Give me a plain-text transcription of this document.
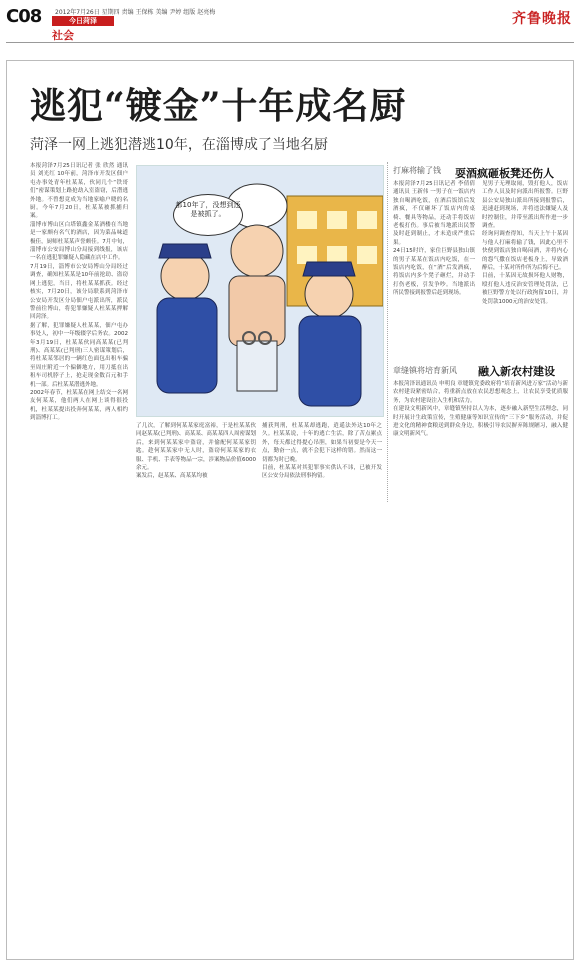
C08 2012年7月26日 星期四 责编 王保栋 美编 尹婷 组版 赵亮梅
今日菏泽
社会
齐鲁晚报
逃犯“镀金”十年成名厨
菏泽一网上逃犯潜逃10年，在淄博成了当地名厨
本报菏泽7月25日讯记者 张 欣然 通讯员 刘光红 10年前，菏泽市开发区佃户屯办事处青年杜某某，伙同几个“铁哥们”密谋策划上路抢劫入室盗窃，后潜逃外地。不曾想竟成为当地家喻户晓的名厨。今年7月20日，杜某某被抓捕归案。
淄博市博山区白塔镇鑫金某酒楼在当地是一家颇有名气的酒店，因为菜品味道极佳，厨师杜某某声誉颇佳。7月中旬，淄博市公安局博山分局接到线报，该店一名在逃犯罪嫌疑人隐藏在店中工作。
7月19日，淄博市公安局博山分局经过调查，确知杜某某是10年前抢劫、盗窃网上逃犯，当日，将杜某某抓获。经过核实，7月20日，该分局联系到菏泽市公安局开发区分局佃户屯派出所，派民警前往博山，将犯罪嫌疑人杜某某押解回菏泽。
据了解，犯罪嫌疑人杜某某，佃户屯办事处人，初中一年级辍学后务农。2002年3月19日，杜某某伙同高某某(已判刑)、高某某(已判刑)三人密谋策划后，将杜某某邻居的一辆红色面包出租车骗至周庄附近一个偏僻地方，用刀抵在出租车司机脖子上，抢走现金数百元和手机一部。后杜某某潜逃外地。
2002年春节，杜某某在网上结交一名网友何某某，他们两人在网上谈得很投机，杜某某提出投奔何某某，两人相约到淄博打工。
都10年了，没想到还是被抓了。
了几次，了解到何某某家庭富裕，于是杜某某伙同赵某某(已判刑)、高某某、高某某四人周密谋划后，来到何某某家中盗窃，并偷配何某某家钥匙。趁何某某家中无人时，盗窃何某某家的衣服、手机、手表等物品一宗，涉案物品价值6000余元。
案发后，赵某某、高某某均被
捕获判刑，杜某某却逃跑，逍遥法外达10年之久。杜某某说，十年的逃亡生活，除了苦点累点外，每天都过得提心吊胆，如果当初要是今天一点，勤奋一点，就不会犯下这样的错。然而这一切都为时已晚。
目前，杜某某对其犯罪事实供认不讳，已被开发区公安分局依法刑事拘留。
打麻将输了钱 耍酒疯砸板凳还伤人
本报菏泽7月25日讯记者 李倩倩 通讯员 王新伟 一男子在一饭店内独自喝酒吃饭，在酒后饭馆后发酒疯，不仅砸坏了饭店内的桌椅、餐具等物品，还动手将饭店老板打伤。事后被当地派出民警及时赶到制止，才未造成严重后果。
24日15时许，家住巨野县独山镇的男子某某在饭店内吃饭，在一饭店内吃饭，在“酒”后发酒疯，将饭店内多个凳子砸烂，并动手打伤老板，引发争吵。当地派出所民警接到报警后赶到现场。
见男子无理取闹，毁打他人，饭店工作人员及时向派出所报警。巨野县公安局独山派出所接到报警后，迅速赶到现场，并将违法嫌疑人及时控制住，并带至派出所作进一步调查。
经询问调查得知，当天上午十某因与他人打麻将输了钱，因此心里不快便到饭店独自喝闷酒，并将内心的怨气撒在饭店老板身上，导致酒醉后，十某对所作所为后悔不已。
目前，十某因无故损坏他人财物，殴打他人违反治安管理处罚法，已被巨野警方处以行政拘留10日，并处罚款1000元的治安处罚。
章缝镇将培育新风 融入新农村建设
本报菏泽讯通讯员 申明良 章缝镇党委政府将“培育新风进万家”活动与新农村建设紧密结合，将重新点放在农民思想观念上，让农民享受优质服务，为农村建设注入生机和活力。
在建设文明新风中，章缝镇坚持以人为本，逐步融入新型生活理念，同时开展计生政策宣传，生殖健康等知识宣传的“三下乡”服务活动，并促进文化的精神食粮送到群众身边，积极引导农民摒弃陈规陋习，融入健康文明新风气。
